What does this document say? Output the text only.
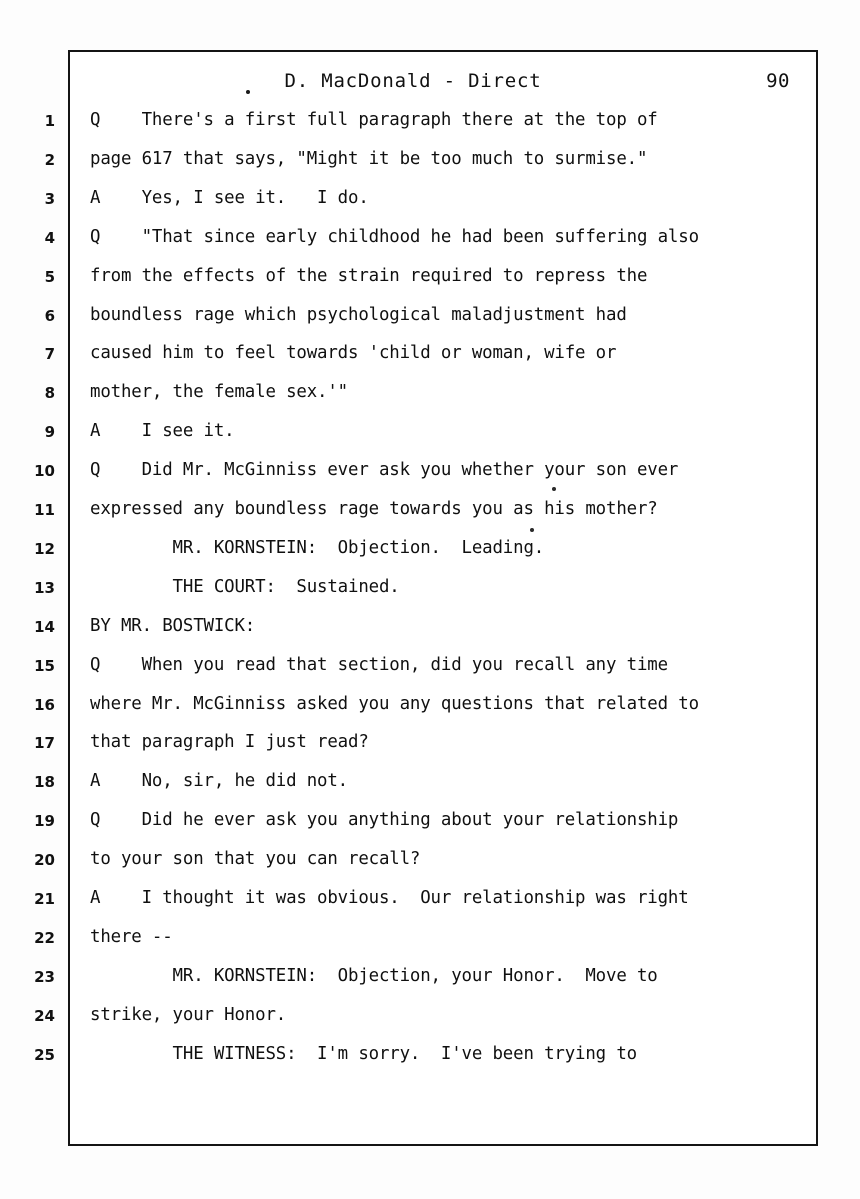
D. MacDonald - Direct	90
1
2
3
4
5
6
7
8
9
10
11
12
13
14
15
16
17
18
19
20
21
22
23
24
25
Q    There's a first full paragraph there at the top of
page 617 that says, "Might it be too much to surmise."
A    Yes, I see it.   I do.
Q    "That since early childhood he had been suffering also
from the effects of the strain required to repress the
boundless rage which psychological maladjustment had
caused him to feel towards 'child or woman, wife or
mother, the female sex.'"
A    I see it.
Q    Did Mr. McGinniss ever ask you whether your son ever
expressed any boundless rage towards you as his mother?
MR. KORNSTEIN:  Objection.  Leading.
THE COURT:  Sustained.
BY MR. BOSTWICK:
Q    When you read that section, did you recall any time
where Mr. McGinniss asked you any questions that related to
that paragraph I just read?
A    No, sir, he did not.
Q    Did he ever ask you anything about your relationship
to your son that you can recall?
A    I thought it was obvious.  Our relationship was right
there --
MR. KORNSTEIN:  Objection, your Honor.  Move to
strike, your Honor.
THE WITNESS:  I'm sorry.  I've been trying to
